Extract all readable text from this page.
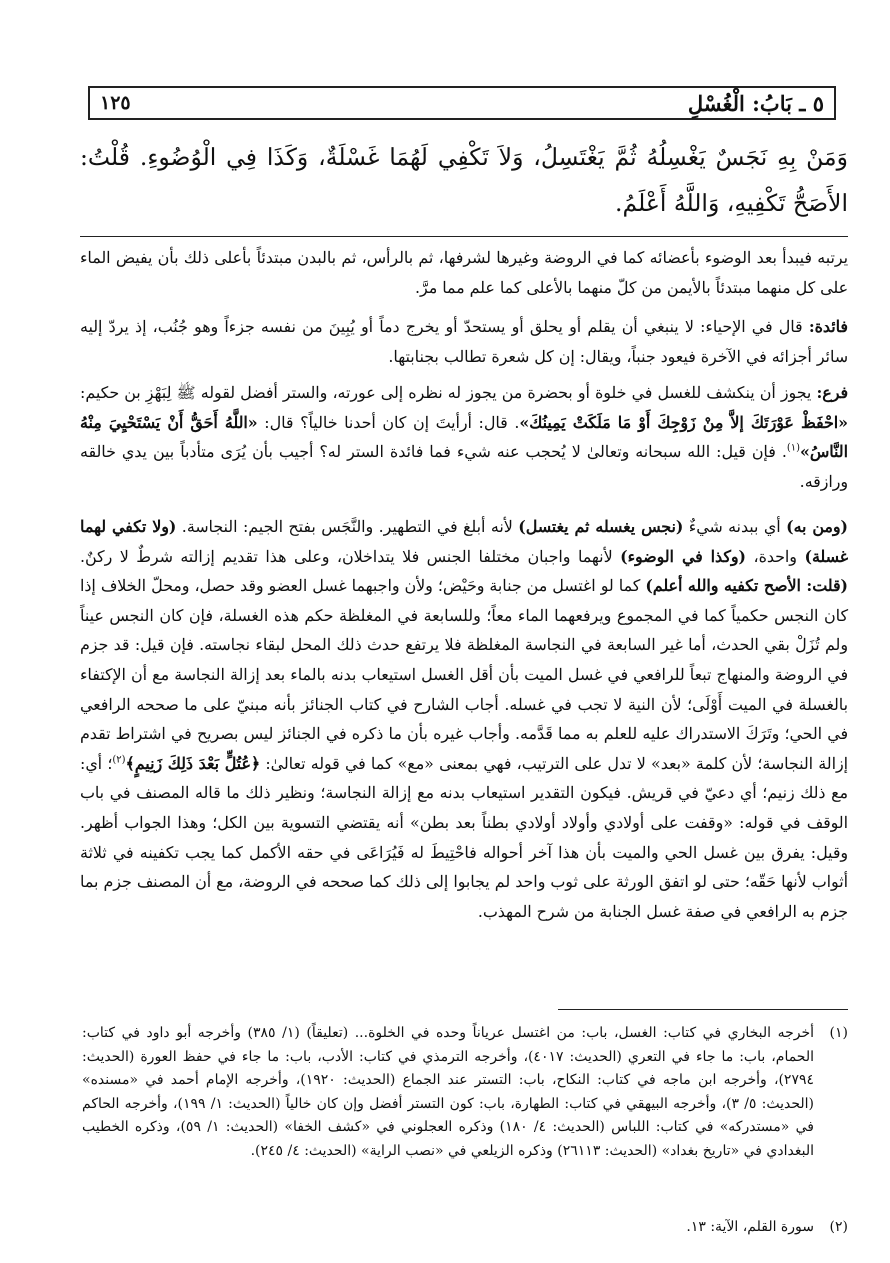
٥ ـ بَابُ: الْغُسْلِ
١٢٥
وَمَنْ بِهِ نَجَسٌ يَغْسِلُهُ ثُمَّ يَغْتَسِلُ، وَلاَ تَكْفِي لَهُمَا غَسْلَةٌ، وَكَذَا فِي الْوُضُوءِ. قُلْتُ: الأَصَحُّ تَكْفِيهِ، وَاللَّهُ أَعْلَمُ.
يرتبه فيبدأ بعد الوضوء بأعضائه كما في الروضة وغيرها لشرفها، ثم بالرأس، ثم بالبدن مبتدئاً بأعلى ذلك بأن يفيض الماء على كل منهما مبتدئاً بالأيمن من كلّ منهما بالأعلى كما علم مما مرَّ.
فائدة: قال في الإحياء: لا ينبغي أن يقلم أو يحلق أو يستحدّ أو يخرج دماً أو يُبِينَ من نفسه جزءاً وهو جُنُب، إذ يردّ إليه سائر أجزائه في الآخرة فيعود جنباً، ويقال: إن كل شعرة تطالب بجنابتها.
فرع: يجوز أن ينكشف للغسل في خلوة أو بحضرة من يجوز له نظره إلى عورته، والستر أفضل لقوله ﷺ لِبَهْزِ بن حكيم: «احْفَظْ عَوْرَتَكَ إلاَّ مِنْ زَوْجِكَ أَوْ مَا مَلَكَتْ يَمِينُكَ». قال: أرأيتَ إن كان أحدنا خالياً؟ قال: «اللَّهُ أَحَقُّ أَنْ يَسْتَحْيِيَ مِنْهُ النَّاسُ»$^{(١)}$. فإن قيل: الله سبحانه وتعالىٰ لا يُحجب عنه شيء فما فائدة الستر له؟ أجيب بأن يُرَى متأدباً بين يدي خالقه ورازقه.
(ومن به) أي ببدنه شيءٌ (نجس يغسله ثم يغتسل) لأنه أبلغ في التطهير. والنَّجَس بفتح الجيم: النجاسة. (ولا تكفي لهما غسلة) واحدة، (وكذا في الوضوء) لأنهما واجبان مختلفا الجنس فلا يتداخلان، وعلى هذا تقديم إزالته شرطٌ لا ركنٌ. (قلت: الأصح تكفيه والله أعلم) كما لو اغتسل من جنابة وحَيْض؛ ولأن واجبهما غسل العضو وقد حصل، ومحلّ الخلاف إذا كان النجس حكمياً كما في المجموع ويرفعهما الماء معاً؛ وللسابعة في المغلظة حكم هذه الغسلة، فإن كان النجس عيناً ولم تُزَلْ بقي الحدث، أما غير السابعة في النجاسة المغلظة فلا يرتفع حدث ذلك المحل لبقاء نجاسته. فإن قيل: قد جزم في الروضة والمنهاج تبعاً للرافعي في غسل الميت بأن أقل الغسل استيعاب بدنه بالماء بعد إزالة النجاسة مع أن الإكتفاء بالغسلة في الميت أَوْلَى؛ لأن النية لا تجب في غسله. أجاب الشارح في كتاب الجنائز بأنه مبنيّ على ما صححه الرافعي في الحي؛ وتَرَكَ الاستدراك عليه للعلم به مما قَدَّمه. وأجاب غيره بأن ما ذكره في الجنائز ليس بصريح في اشتراط تقدم إزالة النجاسة؛ لأن كلمة «بعد» لا تدل على الترتيب، فهي بمعنى «مع» كما في قوله تعالىٰ: ﴿عُتُلٍّ بَعْدَ ذَلِكَ زَنِيمٍ﴾$^{(٢)}$؛ أي: مع ذلك زنيم؛ أي دعيّ في قريش. فيكون التقدير استيعاب بدنه مع إزالة النجاسة؛ ونظير ذلك ما قاله المصنف في باب الوقف في قوله: «وقفت على أولادي وأولاد أولادي بطناً بعد بطن» أنه يقتضي التسوية بين الكل؛ وهذا الجواب أظهر. وقيل: يفرق بين غسل الحي والميت بأن هذا آخر أحواله فاحْتِيطَ له فَيُرَاعَى في حقه الأكمل كما يجب تكفينه في ثلاثة أثواب لأنها حَقّه؛ حتى لو اتفق الورثة على ثوب واحد لم يجابوا إلى ذلك كما صححه في الروضة، مع أن المصنف جزم بما جزم به الرافعي في صفة غسل الجنابة من شرح المهذب.
(١)
أخرجه البخاري في كتاب: الغسل، باب: من اغتسل عرياناً وحده في الخلوة... (تعليقاً) (١/ ٣٨٥) وأخرجه أبو داود في كتاب: الحمام، باب: ما جاء في التعري (الحديث: ٤٠١٧)، وأخرجه الترمذي في كتاب: الأدب، باب: ما جاء في حفظ العورة (الحديث: ٢٧٩٤)، وأخرجه ابن ماجه في كتاب: النكاح، باب: التستر عند الجماع (الحديث: ١٩٢٠)، وأخرجه الإمام أحمد في «مسنده» (الحديث: ٥/ ٣)، وأخرجه البيهقي في كتاب: الطهارة، باب: كون التستر أفضل وإن كان خالياً (الحديث: ١/ ١٩٩)، وأخرجه الحاكم في «مستدركه» في كتاب: اللباس (الحديث: ٤/ ١٨٠) وذكره العجلوني في «كشف الخفا» (الحديث: ١/ ٥٩)، وذكره الخطيب البغدادي في «تاريخ بغداد» (الحديث: ٢٦١١٣) وذكره الزيلعي في «نصب الراية» (الحديث: ٤/ ٢٤٥).
(٢)
سورة القلم، الآية: ١٣.
